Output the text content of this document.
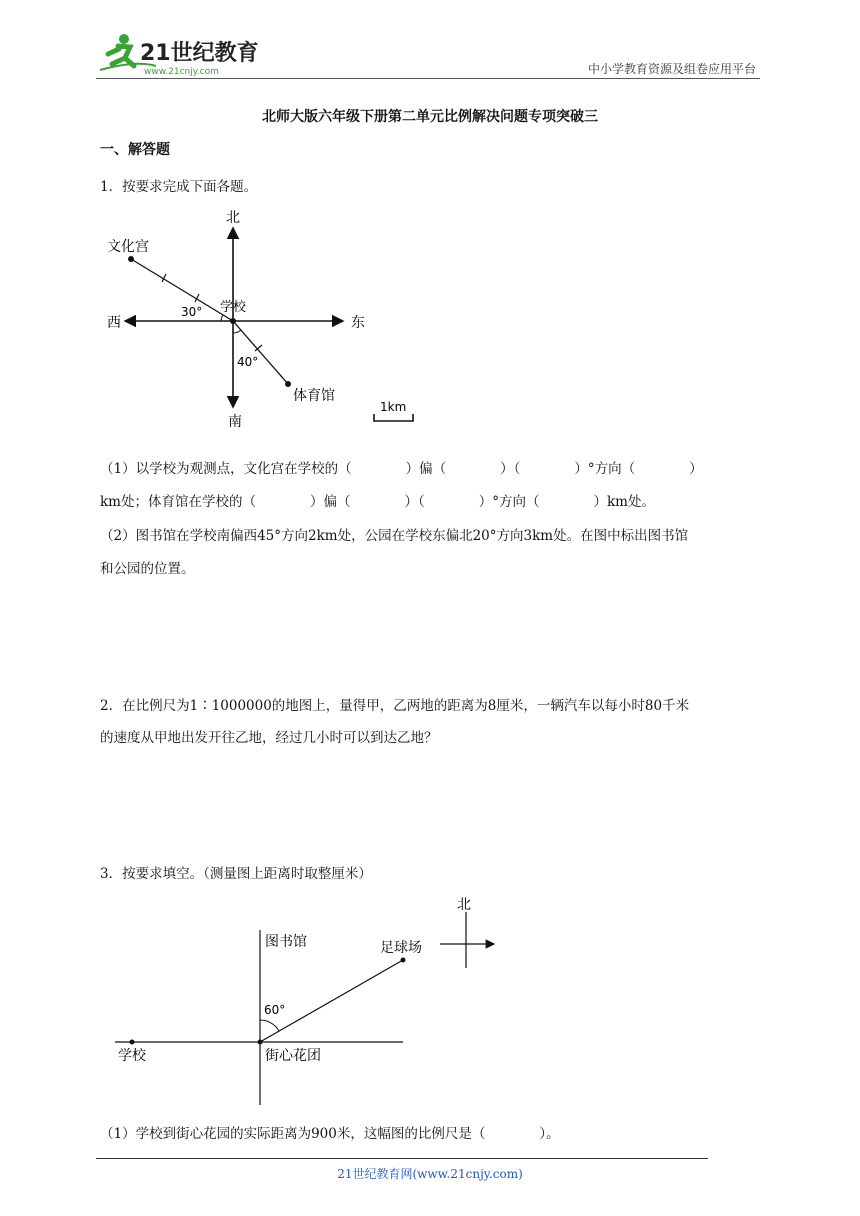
21世纪教育
www.21cnjy.com	中小学教育资源及组卷应用平台
北师大版六年级下册第二单元比例解决问题专项突破三
一、解答题
1．按要求完成下面各题。
北
南
东
西
学校
文化宫
体育馆
30°
40°
1km
（1）以学校为观测点，文化宫在学校的（　　　　）偏（　　　　）（　　　　）°方向（　　　　）
km处；体育馆在学校的（　　　　）偏（　　　　）（　　　　）°方向（　　　　）km处。
（2）图书馆在学校南偏西45°方向2km处，公园在学校东偏北20°方向3km处。在图中标出图书馆
和公园的位置。
2．在比例尺为1∶1000000的地图上，量得甲，乙两地的距离为8厘米，一辆汽车以每小时80千米
的速度从甲地出发开往乙地，经过几小时可以到达乙地？
3．按要求填空。（测量图上距离时取整厘米）
北
图书馆	足球场
60°
学校	街心花团
（1）学校到街心花园的实际距离为900米，这幅图的比例尺是（　　　　）。
21世纪教育网(www.21cnjy.com)
